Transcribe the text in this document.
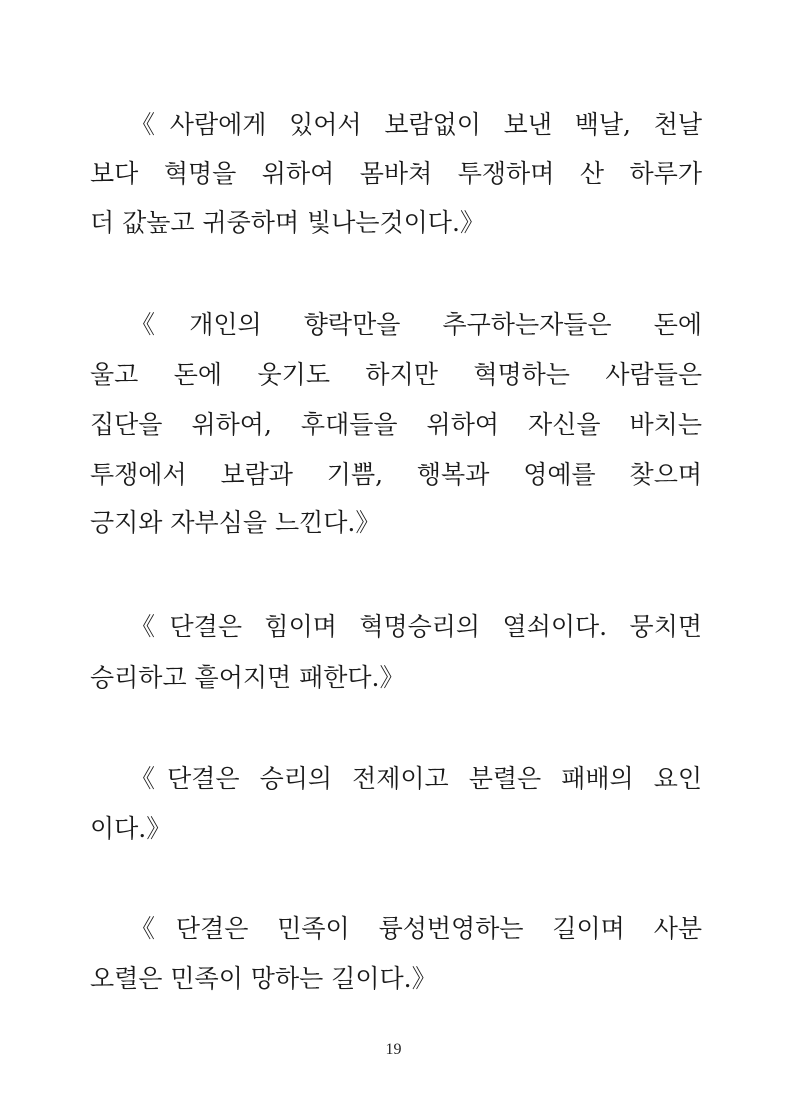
《사람에게 있어서 보람없이 보낸 백날, 천날
보다 혁명을 위하여 몸바쳐 투쟁하며 산 하루가
더 값높고 귀중하며 빛나는것이다.》
《개인의 향락만을 추구하는자들은 돈에
울고 돈에 웃기도 하지만 혁명하는 사람들은
집단을 위하여, 후대들을 위하여 자신을 바치는
투쟁에서 보람과 기쁨, 행복과 영예를 찾으며
긍지와 자부심을 느낀다.》
《단결은 힘이며 혁명승리의 열쇠이다. 뭉치면
승리하고 흩어지면 패한다.》
《단결은 승리의 전제이고 분렬은 패배의 요인
이다.》
《단결은 민족이 륭성번영하는 길이며 사분
오렬은 민족이 망하는 길이다.》
19
